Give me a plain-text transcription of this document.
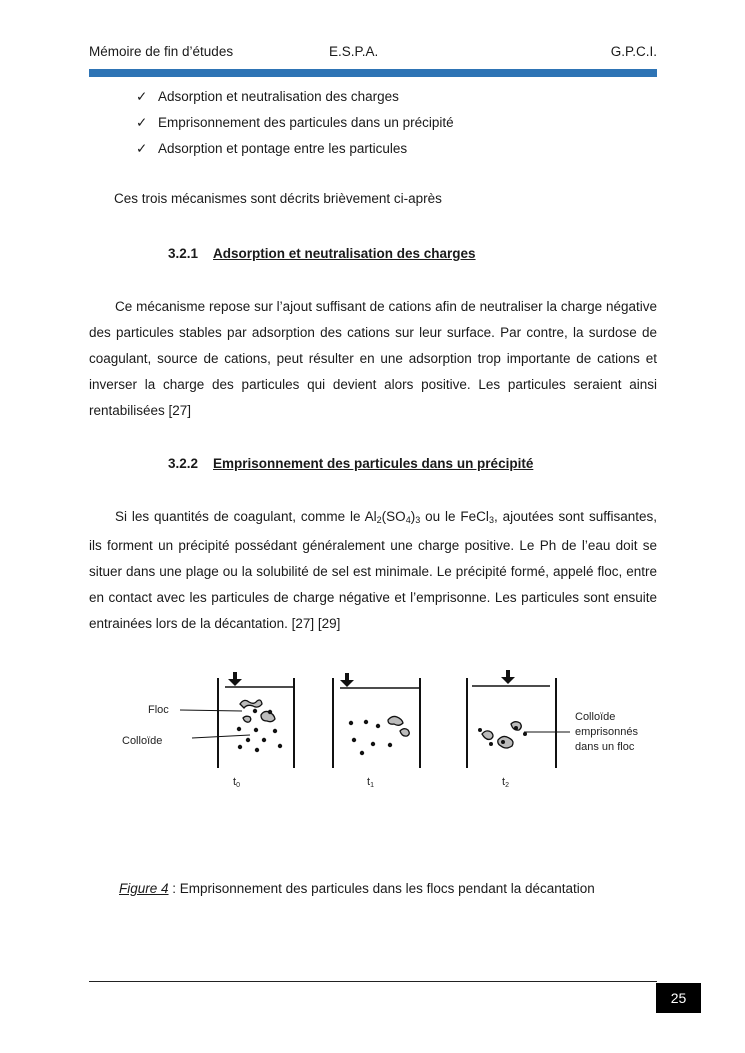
Mémoire de fin d’études	E.S.P.A.	G.P.C.I.
✓ Adsorption et neutralisation des charges
✓ Emprisonnement des particules dans un précipité
✓ Adsorption et pontage entre les particules
Ces trois mécanismes sont décrits brièvement ci-après
3.2.1 Adsorption et neutralisation des charges
Ce mécanisme repose sur l’ajout suffisant de cations afin de neutraliser la charge négative des particules stables par adsorption des cations sur leur surface. Par contre, la surdose de coagulant, source de cations, peut résulter en une adsorption trop importante de cations et inverser la charge des particules qui devient alors positive. Les particules seraient ainsi rentabilisées [27]
3.2.2 Emprisonnement des particules dans un précipité
Si les quantités de coagulant, comme le $Al_2(SO_4)_3$ ou le FeCl$_3$, ajoutées sont suffisantes, ils forment un précipité possédant généralement une charge positive. Le Ph de l’eau doit se situer dans une plage ou la solubilité de sel est minimale. Le précipité formé, appelé floc, entre en contact avec les particules de charge négative et l’emprisonne. Les particules sont ensuite entrainées lors de la décantation. [27] [29]
Floc
Colloïde
Colloïde
emprisonnés
dans un floc
t0	t1	t2
Figure 4 : Emprisonnement des particules dans les flocs pendant la décantation
25
